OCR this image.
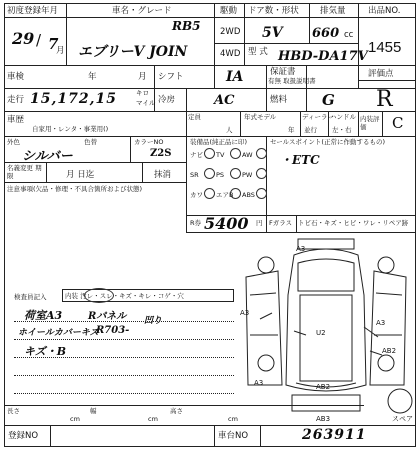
初度登録年月
29 / 7
月
車名・グレード
RB5
エブリーV JOIN
駆動
2WD
4WD
ドア数・形状
5V
排気量
660 cc
型 式 HBD-DA17V
出品NO.
1455
車検	年	月 シフト	IA	保証書
有無 取扱説明書
評価点
走行 15,172,15	キロ
マイル 冷房	AC	燃料 G R
車歴
自家用・レンタ・事業用()
定員
人
年式モデル
年
ディーラー
並行
ハンドル
左・右
内装評価	C
外色
シルバー
色替	カラーNO
Z2S
装備品(純正品に印)
ナビ TV	AW
SR	PS	PW
カワ エアB ABS
セールスポイント(正常に作動するもの)
・ETC
R券 5400 円 Fガラス トビ石・キズ・ヒビ・ワレ・リペア跡
名義変更 期限	月 日迄	抹消
注意事項(欠品・修理・不具合箇所および状態)
検査員記入	内装 汚レ・スレ・キズ・キレ・コゲ・穴
荷室A3	Rパネル 凹り
ホイールカバーキズ
R703-
キズ・B
長さ
cm
幅
cm
高さ
cm
登録NO	車台NO	263911
A3
A3
U2
A3
AB2
A3	AB2
AB3	スペア
